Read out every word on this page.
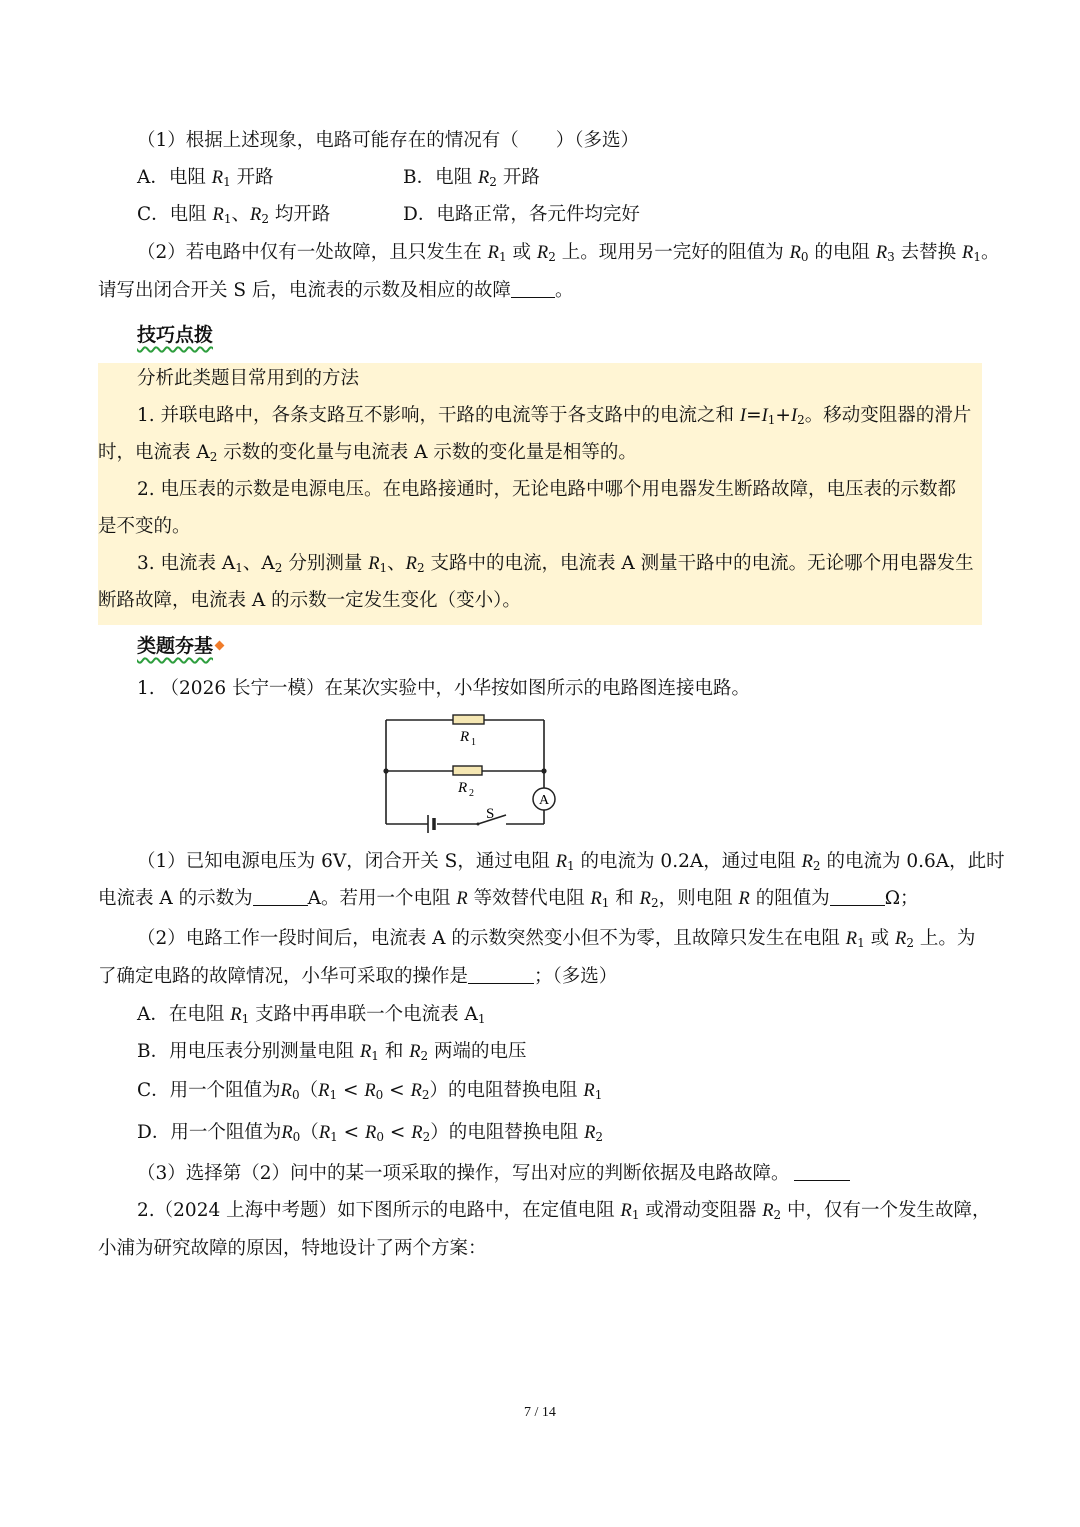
（1）根据上述现象，电路可能存在的情况有（　　）（多选）
A．电阻 $R_1$ 开路	B．电阻 $R_2$ 开路
C．电阻 $R_1$、$R_2$ 均开路	D．电路正常，各元件均完好
（2）若电路中仅有一处故障，且只发生在 $R_1$ 或 $R_2$ 上。现用另一完好的阻值为 $R_0$ 的电阻 $R_3$ 去替换 $R_1$。
请写出闭合开关 S 后，电流表的示数及相应的故障 。
技巧点拨
分析此类题目常用到的方法
1. 并联电路中，各条支路互不影响，干路的电流等于各支路中的电流之和 $I=I_1+I_2$。移动变阻器的滑片
时，电流表 $A_2$ 示数的变化量与电流表 A 示数的变化量是相等的。
2. 电压表的示数是电源电压。在电路接通时，无论电路中哪个用电器发生断路故障，电压表的示数都
是不变的。
3. 电流表 $A_1$、$A_2$ 分别测量 $R_1$、$R_2$ 支路中的电流，电流表 A 测量干路中的电流。无论哪个用电器发生
断路故障，电流表 A 的示数一定发生变化（变小）。
类题夯基
1. （2026 长宁一模）在某次实验中，小华按如图所示的电路图连接电路。
A
R 1
R 2
S
（1）已知电源电压为 6V，闭合开关 S，通过电阻 $R_1$ 的电流为 0.2A，通过电阻 $R_2$ 的电流为 0.6A，此时
电流表 A 的示数为	A。若用一个电阻 R 等效替代电阻 $R_1$ 和 $R_2$，则电阻 R 的阻值为	Ω；
（2）电路工作一段时间后，电流表 A 的示数突然变小但不为零，且故障只发生在电阻 $R_1$ 或 $R_2$ 上。为
了确定电路的故障情况，小华可采取的操作是	；（多选）
A．在电阻 $R_1$ 支路中再串联一个电流表 $A_1$
B．用电压表分别测量电阻 $R_1$ 和 $R_2$ 两端的电压
C．用一个阻值为$R_0(R_1 < R_0 < R_2)$的电阻替换电阻 $R_1$
D．用一个阻值为$R_0(R_1 < R_0 < R_2)$的电阻替换电阻 $R_2$
（3）选择第（2）问中的某一项采取的操作，写出对应的判断依据及电路故障。
2.（2024 上海中考题）如下图所示的电路中，在定值电阻 $R_1$ 或滑动变阻器 $R_2$ 中，仅有一个发生故障，
小浦为研究故障的原因，特地设计了两个方案：
7 / 14
